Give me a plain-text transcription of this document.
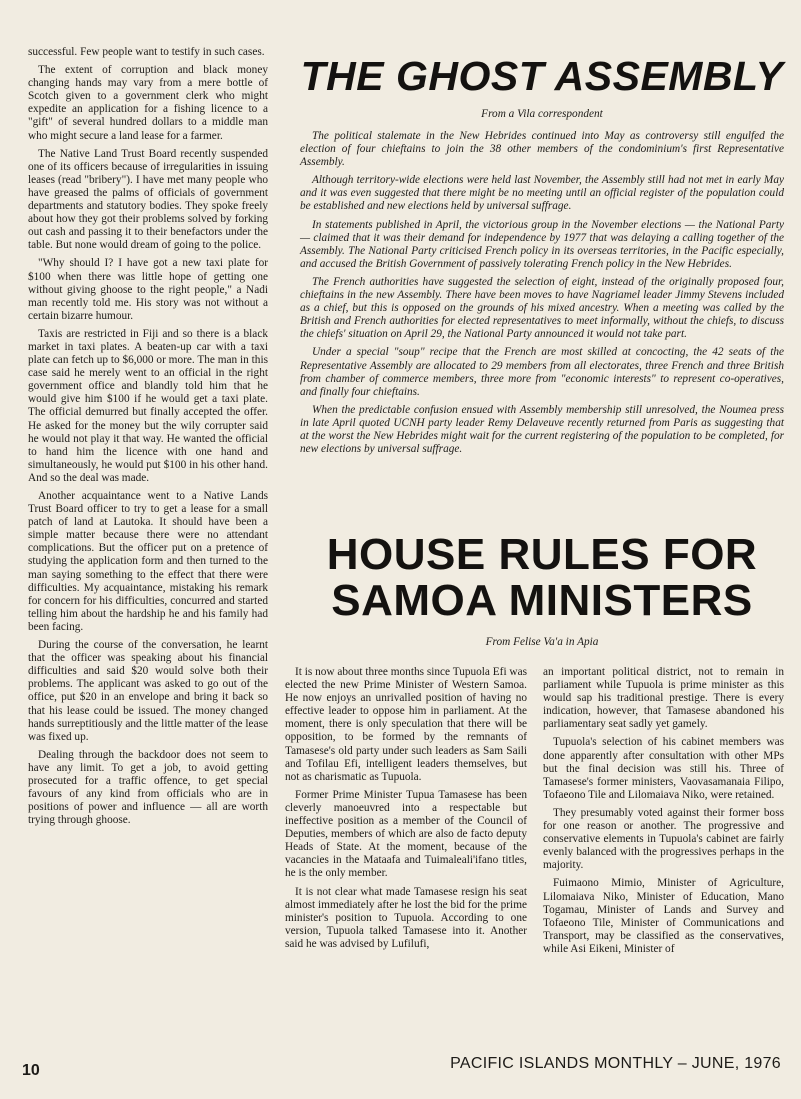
successful. Few people want to testify in such cases.

The extent of corruption and black money changing hands may vary from a mere bottle of Scotch given to a government clerk who might expedite an application for a fishing licence to a "gift" of several hundred dollars to a middle man who might secure a land lease for a farmer.

The Native Land Trust Board recently suspended one of its officers because of irregularities in issuing leases (read "bribery"). I have met many people who have greased the palms of officials of government departments and statutory bodies. They spoke freely about how they got their problems solved by forking out cash and passing it to their benefactors under the table. But none would dream of going to the police.

"Why should I? I have got a new taxi plate for $100 when there was little hope of getting one without giving ghoose to the right people," a Nadi man recently told me. His story was not without a certain bizarre humour.

Taxis are restricted in Fiji and so there is a black market in taxi plates. A beaten-up car with a taxi plate can fetch up to $6,000 or more. The man in this case said he merely went to an official in the right government office and blandly told him that he would give him $100 if he would get a taxi plate. The official demurred but finally accepted the offer. He asked for the money but the wily corrupter said he would not play it that way. He wanted the official to hand him the licence with one hand and simultaneously, he would put $100 in his other hand. And so the deal was made.

Another acquaintance went to a Native Lands Trust Board officer to try to get a lease for a small patch of land at Lautoka. It should have been a simple matter because there were no attendant complications. But the officer put on a pretence of studying the application form and then turned to the man saying something to the effect that there were difficulties. My acquaintance, mistaking his remark for concern for his difficulties, concurred and started telling him about the hardship he and his family had been facing.

During the course of the conversation, he learnt that the officer was speaking about his financial difficulties and said $20 would solve both their problems. The applicant was asked to go out of the office, put $20 in an envelope and bring it back so that his lease could be issued. The money changed hands surreptitiously and the little matter of the lease was fixed up.

Dealing through the backdoor does not seem to have any limit. To get a job, to avoid getting prosecuted for a traffic offence, to get special favours of any kind from officials who are in positions of power and influence — all are worth trying through ghoose.

THE GHOST ASSEMBLY
From a Vila correspondent

The political stalemate in the New Hebrides continued into May as controversy still engulfed the election of four chieftains to join the 38 other members of the condominium's first Representative Assembly.

Although territory-wide elections were held last November, the Assembly still had not met in early May and it was even suggested that there might be no meeting until an official register of the population could be established and new elections held by universal suffrage.

In statements published in April, the victorious group in the November elections — the National Party — claimed that it was their demand for independence by 1977 that was delaying a calling together of the Assembly. The National Party criticised French policy in its overseas territories, in the Pacific especially, and accused the British Government of passively tolerating French policy in the New Hebrides.

The French authorities have suggested the selection of eight, instead of the originally proposed four, chieftains in the new Assembly. There have been moves to have Nagriamel leader Jimmy Stevens included as a chief, but this is opposed on the grounds of his mixed ancestry. When a meeting was called by the British and French authorities for elected representatives to meet informally, without the chiefs, to discuss the chiefs' situation on April 29, the National Party announced it would not take part.

Under a special "soup" recipe that the French are most skilled at concocting, the 42 seats of the Representative Assembly are allocated to 29 members from all electorates, three French and three British from chamber of commerce members, three more from "economic interests" to represent co-operatives, and finally four chieftains.

When the predictable confusion ensued with Assembly membership still unresolved, the Noumea press in late April quoted UCNH party leader Remy Delaveuve recently returned from Paris as suggesting that at the worst the New Hebrides might wait for the current registering of the population to be completed, for new elections by universal suffrage.

HOUSE RULES FOR
SAMOA MINISTERS
From Felise Va'a in Apia

It is now about three months since Tupuola Efi was elected the new Prime Minister of Western Samoa. He now enjoys an unrivalled position of having no effective leader to oppose him in parliament. At the moment, there is only speculation that there will be opposition, to be formed by the remnants of Tamasese's old party under such leaders as Sam Saili and Tofilau Efi, intelligent leaders themselves, but not as charismatic as Tupuola.

Former Prime Minister Tupua Tamasese has been cleverly manoeuvred into a respectable but ineffective position as a member of the Council of Deputies, members of which are also de facto deputy Heads of State. At the moment, because of the vacancies in the Mataafa and Tuimaleali'ifano titles, he is the only member.

It is not clear what made Tamasese resign his seat almost immediately after he lost the bid for the prime minister's position to Tupuola. According to one version, Tupuola talked Tamasese into it. Another said he was advised by Lufilufi,

an important political district, not to remain in parliament while Tupuola is prime minister as this would sap his traditional prestige. There is every indication, however, that Tamasese abandoned his parliamentary seat sadly yet gamely.

Tupuola's selection of his cabinet members was done apparently after consultation with other MPs but the final decision was still his. Three of Tamasese's former ministers, Vaovasamanaia Filipo, Tofaeono Tile and Lilomaiava Niko, were retained.

They presumably voted against their former boss for one reason or another. The progressive and conservative elements in Tupuola's cabinet are fairly evenly balanced with the progressives perhaps in the majority.

Fuimaono Mimio, Minister of Agriculture, Lilomaiava Niko, Minister of Education, Mano Togamau, Minister of Lands and Survey and Tofaeono Tile, Minister of Communications and Transport, may be classified as the conservatives, while Asi Eikeni, Minister of

10	PACIFIC ISLANDS MONTHLY – JUNE, 1976
